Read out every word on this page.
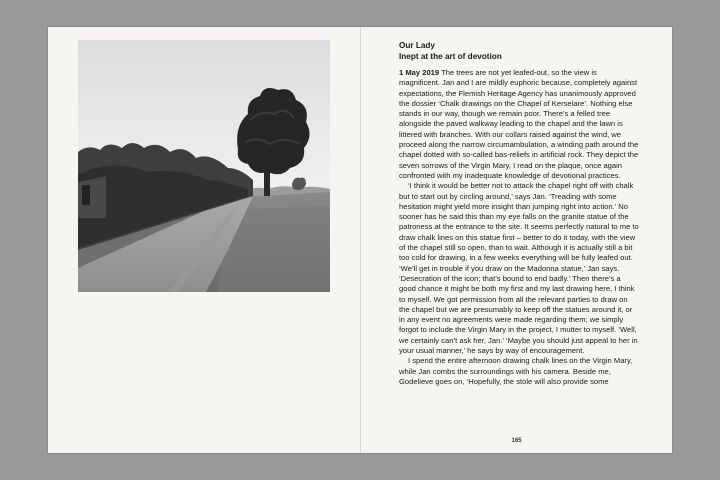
Our Lady

Inept at the art of devotion

1 May 2019 The trees are not yet leafed-out, so the view is magnificent. Jan and I are mildly euphoric because, completely against expectations, the Flemish Heritage Agency has unanimously approved the dossier ‘Chalk drawings on the Chapel of Kerselare’. Nothing else stands in our way, though we remain poor. There’s a felled tree alongside the paved walkway leading to the chapel and the lawn is littered with branches. With our collars raised against the wind, we proceed along the narrow circumambulation, a winding path around the chapel dotted with so-called bas-reliefs in artificial rock. They depict the seven sorrows of the Virgin Mary, I read on the plaque, once again confronted with my inadequate knowledge of devotional practices.

‘I think it would be better not to attack the chapel right off with chalk but to start out by circling around,’ says Jan. ‘Treading with some hesitation might yield more insight than jumping right into action.’ No sooner has he said this than my eye falls on the granite statue of the patroness at the entrance to the site. It seems perfectly natural to me to draw chalk lines on this statue first – better to do it today, with the view of the chapel still so open, than to wait. Although it is actually still a bit too cold for drawing, in a few weeks everything will be fully leafed out. ‘We’ll get in trouble if you draw on the Madonna statue,’ Jan says. ‘Desecration of the icon; that’s bound to end badly.’ Then there’s a good chance it might be both my first and my last drawing here, I think to myself. We got permission from all the relevant parties to draw on the chapel but we are presumably to keep off the statues around it, or in any event no agreements were made regarding them; we simply forgot to include the Virgin Mary in the project, I mutter to myself. ‘Well, we certainly can’t ask her, Jan.’ ‘Maybe you should just appeal to her in your usual manner,’ he says by way of encouragement.

I spend the entire afternoon drawing chalk lines on the Virgin Mary, while Jan combs the surroundings with his camera. Beside me, Godelieve goes on, ‘Hopefully, the stole will also provide some

165
